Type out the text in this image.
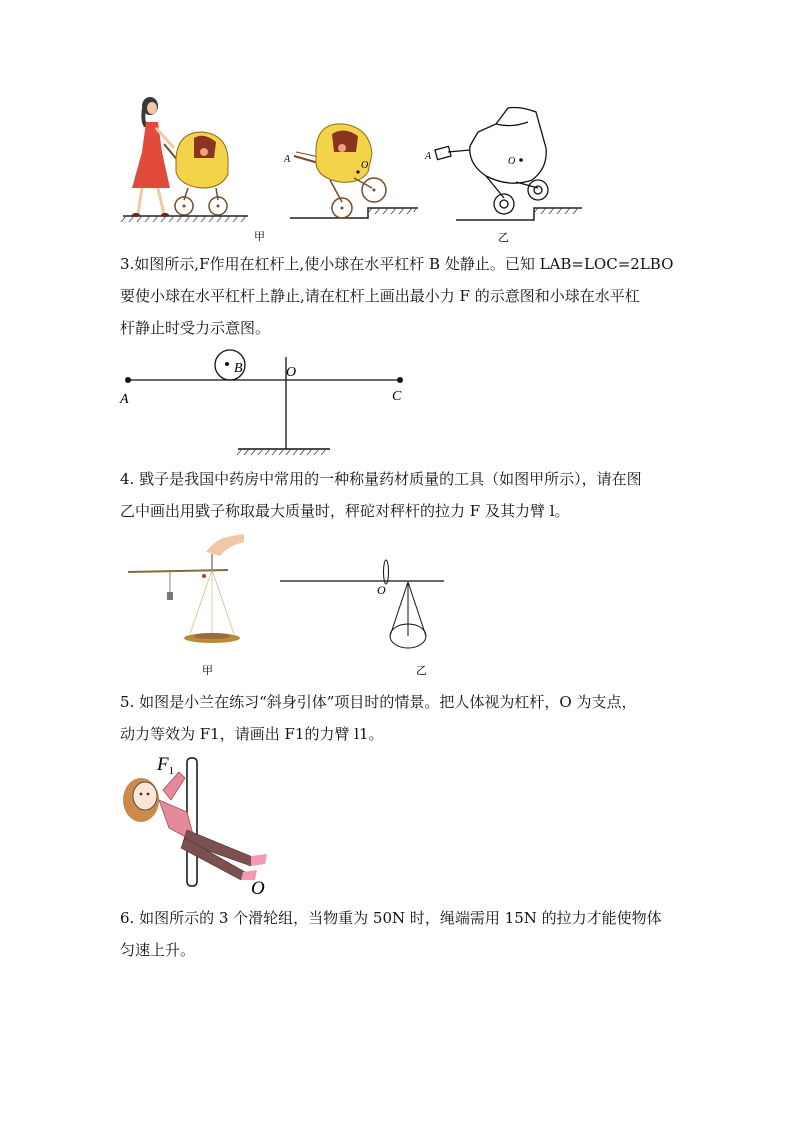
A
O
甲
A	O
乙
3.如图所示,F作用在杠杆上,使小球在水平杠杆 B 处静止。已知 LAB=LOC=2LBO
要使小球在水平杠杆上静止,请在杠杆上画出最小力 F 的示意图和小球在水平杠
杆静止时受力示意图。
A
B	O
C
4. 戥子是我国中药房中常用的一种称量药材质量的工具（如图甲所示），请在图
乙中画出用戥子称取最大质量时，秤砣对秤杆的拉力 F 及其力臂 l。
甲
O
乙
5. 如图是小兰在练习“斜身引体”项目时的情景。把人体视为杠杆，O 为支点，
动力等效为 F1，请画出 F1的力臂 l1。
$F_1$
O
6. 如图所示的 3 个滑轮组，当物重为 50N 时，绳端需用 15N 的拉力才能使物体
匀速上升。
